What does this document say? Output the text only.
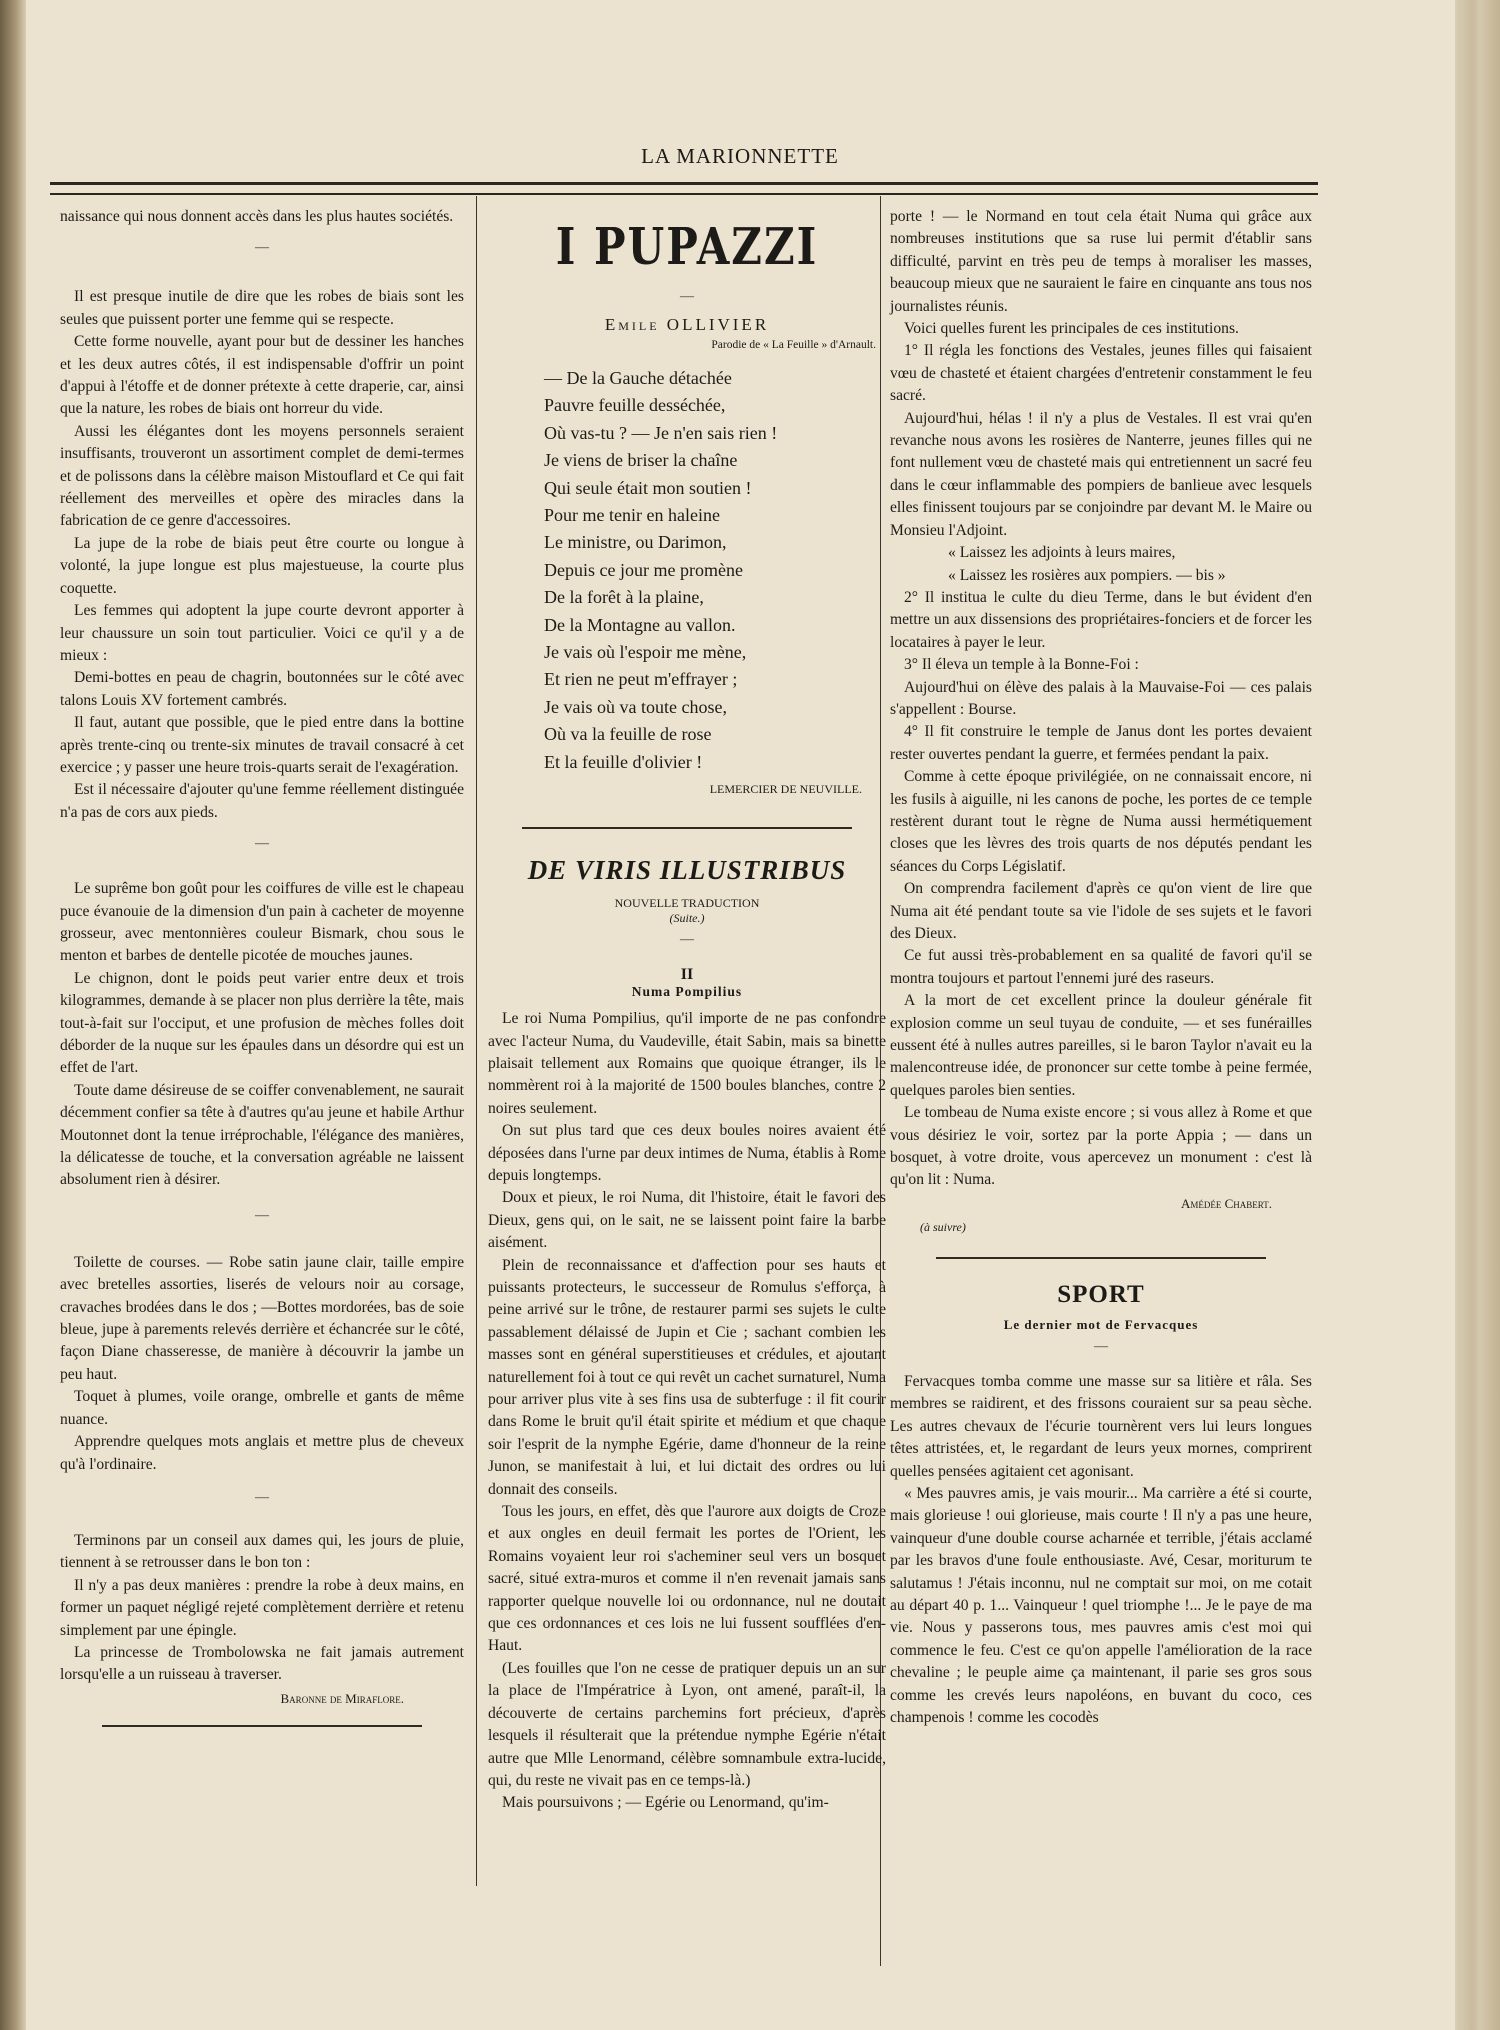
LA MARIONNETTE

naissance qui nous donnent accès dans les plus hautes sociétés.

—

Il est presque inutile de dire que les robes de biais sont les seules que puissent porter une femme qui se respecte.

Cette forme nouvelle, ayant pour but de dessiner les hanches et les deux autres côtés, il est indispensable d'offrir un point d'appui à l'étoffe et de donner prétexte à cette draperie, car, ainsi que la nature, les robes de biais ont horreur du vide.

Aussi les élégantes dont les moyens personnels seraient insuffisants, trouveront un assortiment complet de demi-termes et de polissons dans la célèbre maison Mistouflard et Ce qui fait réellement des merveilles et opère des miracles dans la fabrication de ce genre d'accessoires.

La jupe de la robe de biais peut être courte ou longue à volonté, la jupe longue est plus majestueuse, la courte plus coquette.

Les femmes qui adoptent la jupe courte devront apporter à leur chaussure un soin tout particulier. Voici ce qu'il y a de mieux :

Demi-bottes en peau de chagrin, boutonnées sur le côté avec talons Louis XV fortement cambrés.

Il faut, autant que possible, que le pied entre dans la bottine après trente-cinq ou trente-six minutes de travail consacré à cet exercice ; y passer une heure trois-quarts serait de l'exagération.

Est il nécessaire d'ajouter qu'une femme réellement distinguée n'a pas de cors aux pieds.

—

Le suprême bon goût pour les coiffures de ville est le chapeau puce évanouie de la dimension d'un pain à cacheter de moyenne grosseur, avec mentonnières couleur Bismark, chou sous le menton et barbes de dentelle picotée de mouches jaunes.

Le chignon, dont le poids peut varier entre deux et trois kilogrammes, demande à se placer non plus derrière la tête, mais tout-à-fait sur l'occiput, et une profusion de mèches folles doit déborder de la nuque sur les épaules dans un désordre qui est un effet de l'art.

Toute dame désireuse de se coiffer convenablement, ne saurait décemment confier sa tête à d'autres qu'au jeune et habile Arthur Moutonnet dont la tenue irréprochable, l'élégance des manières, la délicatesse de touche, et la conversation agréable ne laissent absolument rien à désirer.

—

Toilette de courses. — Robe satin jaune clair, taille empire avec bretelles assorties, liserés de velours noir au corsage, cravaches brodées dans le dos ; —Bottes mordorées, bas de soie bleue, jupe à parements relevés derrière et échancrée sur le côté, façon Diane chasseresse, de manière à découvrir la jambe un peu haut.

Toquet à plumes, voile orange, ombrelle et gants de même nuance.

Apprendre quelques mots anglais et mettre plus de cheveux qu'à l'ordinaire.

—

Terminons par un conseil aux dames qui, les jours de pluie, tiennent à se retrousser dans le bon ton :

Il n'y a pas deux manières : prendre la robe à deux mains, en former un paquet négligé rejeté complètement derrière et retenu simplement par une épingle.

La princesse de Trombolowska ne fait jamais autrement lorsqu'elle a un ruisseau à traverser.

Baronne de Miraflore.
I PUPAZZI
—
Emile OLLIVIER
Parodie de « La Feuille » d'Arnault.
— De la Gauche détachée
Pauvre feuille desséchée,
Où vas-tu ? — Je n'en sais rien !
Je viens de briser la chaîne
Qui seule était mon soutien !
Pour me tenir en haleine
Le ministre, ou Darimon,
Depuis ce jour me promène
De la forêt à la plaine,
De la Montagne au vallon.
Je vais où l'espoir me mène,
Et rien ne peut m'effrayer ;
Je vais où va toute chose,
Où va la feuille de rose
Et la feuille d'olivier !
LEMERCIER DE NEUVILLE.
DE VIRIS ILLUSTRIBUS
NOUVELLE TRADUCTION
(Suite.)
—
II
Numa Pompilius

Le roi Numa Pompilius, qu'il importe de ne pas confondre avec l'acteur Numa, du Vaudeville, était Sabin, mais sa binette plaisait tellement aux Romains que quoique étranger, ils le nommèrent roi à la majorité de 1500 boules blanches, contre 2 noires seulement.

On sut plus tard que ces deux boules noires avaient été déposées dans l'urne par deux intimes de Numa, établis à Rome depuis longtemps.

Doux et pieux, le roi Numa, dit l'histoire, était le favori des Dieux, gens qui, on le sait, ne se laissent point faire la barbe aisément.

Plein de reconnaissance et d'affection pour ses hauts et puissants protecteurs, le successeur de Romulus s'efforça, à peine arrivé sur le trône, de restaurer parmi ses sujets le culte passablement délaissé de Jupin et Cie ; sachant combien les masses sont en général superstitieuses et crédules, et ajoutant naturellement foi à tout ce qui revêt un cachet surnaturel, Numa pour arriver plus vite à ses fins usa de subterfuge : il fit courir dans Rome le bruit qu'il était spirite et médium et que chaque soir l'esprit de la nymphe Egérie, dame d'honneur de la reine Junon, se manifestait à lui, et lui dictait des ordres ou lui donnait des conseils.

Tous les jours, en effet, dès que l'aurore aux doigts de Croze et aux ongles en deuil fermait les portes de l'Orient, les Romains voyaient leur roi s'acheminer seul vers un bosquet sacré, situé extra-muros et comme il n'en revenait jamais sans rapporter quelque nouvelle loi ou ordonnance, nul ne doutait que ces ordonnances et ces lois ne lui fussent soufflées d'en-Haut.

(Les fouilles que l'on ne cesse de pratiquer depuis un an sur la place de l'Impératrice à Lyon, ont amené, paraît-il, la découverte de certains parchemins fort précieux, d'après lesquels il résulterait que la prétendue nymphe Egérie n'était autre que Mlle Lenormand, célèbre somnambule extra-lucide, qui, du reste ne vivait pas en ce temps-là.)

Mais poursuivons ; — Egérie ou Lenormand, qu'im-

porte ! — le Normand en tout cela était Numa qui grâce aux nombreuses institutions que sa ruse lui permit d'établir sans difficulté, parvint en très peu de temps à moraliser les masses, beaucoup mieux que ne sauraient le faire en cinquante ans tous nos journalistes réunis.

Voici quelles furent les principales de ces institutions.

1° Il régla les fonctions des Vestales, jeunes filles qui faisaient vœu de chasteté et étaient chargées d'entretenir constamment le feu sacré.

Aujourd'hui, hélas ! il n'y a plus de Vestales. Il est vrai qu'en revanche nous avons les rosières de Nanterre, jeunes filles qui ne font nullement vœu de chasteté mais qui entretiennent un sacré feu dans le cœur inflammable des pompiers de banlieue avec lesquels elles finissent toujours par se conjoindre par devant M. le Maire ou Monsieu l'Adjoint.

« Laissez les adjoints à leurs maires,
« Laissez les rosières aux pompiers. — bis »

2° Il institua le culte du dieu Terme, dans le but évident d'en mettre un aux dissensions des propriétaires-fonciers et de forcer les locataires à payer le leur.

3° Il éleva un temple à la Bonne-Foi :

Aujourd'hui on élève des palais à la Mauvaise-Foi — ces palais s'appellent : Bourse.

4° Il fit construire le temple de Janus dont les portes devaient rester ouvertes pendant la guerre, et fermées pendant la paix.

Comme à cette époque privilégiée, on ne connaissait encore, ni les fusils à aiguille, ni les canons de poche, les portes de ce temple restèrent durant tout le règne de Numa aussi hermétiquement closes que les lèvres des trois quarts de nos députés pendant les séances du Corps Législatif.

On comprendra facilement d'après ce qu'on vient de lire que Numa ait été pendant toute sa vie l'idole de ses sujets et le favori des Dieux.

Ce fut aussi très-probablement en sa qualité de favori qu'il se montra toujours et partout l'ennemi juré des raseurs.

A la mort de cet excellent prince la douleur générale fit explosion comme un seul tuyau de conduite, — et ses funérailles eussent été à nulles autres pareilles, si le baron Taylor n'avait eu la malencontreuse idée, de prononcer sur cette tombe à peine fermée, quelques paroles bien senties.

Le tombeau de Numa existe encore ; si vous allez à Rome et que vous désiriez le voir, sortez par la porte Appia ; — dans un bosquet, à votre droite, vous apercevez un monument : c'est là qu'on lit : Numa.

Amédée Chabert.
(à suivre)
SPORT
Le dernier mot de Fervacques
—

Fervacques tomba comme une masse sur sa litière et râla. Ses membres se raidirent, et des frissons couraient sur sa peau sèche. Les autres chevaux de l'écurie tournèrent vers lui leurs longues têtes attristées, et, le regardant de leurs yeux mornes, comprirent quelles pensées agitaient cet agonisant.

« Mes pauvres amis, je vais mourir... Ma carrière a été si courte, mais glorieuse ! oui glorieuse, mais courte ! Il n'y a pas une heure, vainqueur d'une double course acharnée et terrible, j'étais acclamé par les bravos d'une foule enthousiaste. Avé, Cesar, moriturum te salutamus ! J'étais inconnu, nul ne comptait sur moi, on me cotait au départ 40 p. 1... Vainqueur ! quel triomphe !... Je le paye de ma vie. Nous y passerons tous, mes pauvres amis c'est moi qui commence le feu. C'est ce qu'on appelle l'amélioration de la race chevaline ; le peuple aime ça maintenant, il parie ses gros sous comme les crevés leurs napoléons, en buvant du coco, ces champenois ! comme les cocodès
